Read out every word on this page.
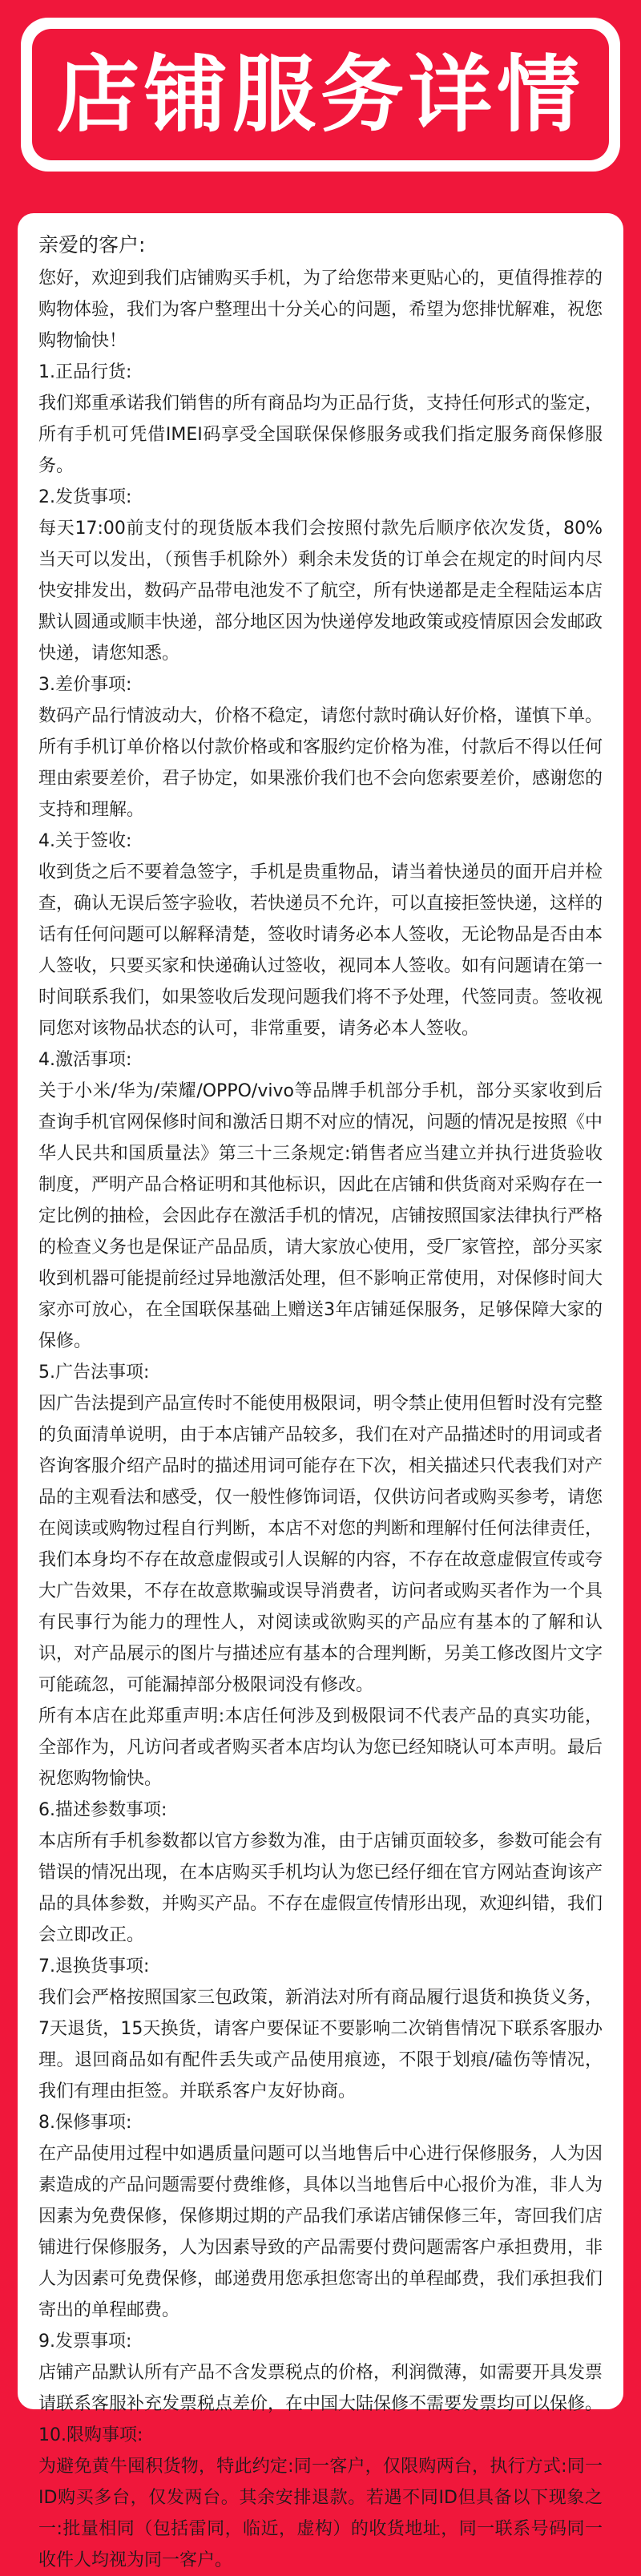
店铺服务详情

亲爱的客户:

您好，欢迎到我们店铺购买手机，为了给您带来更贴心的，更值得推荐的购物体验，我们为客户整理出十分关心的问题，希望为您排忧解难，祝您购物愉快！

1.正品行货:

我们郑重承诺我们销售的所有商品均为正品行货，支持任何形式的鉴定，所有手机可凭借IMEI码享受全国联保保修服务或我们指定服务商保修服务。

2.发货事项:

每天17:00前支付的现货版本我们会按照付款先后顺序依次发货，80%当天可以发出，（预售手机除外）剩余未发货的订单会在规定的时间内尽快安排发出，数码产品带电池发不了航空，所有快递都是走全程陆运本店默认圆通或顺丰快递，部分地区因为快递停发地政策或疫情原因会发邮政快递，请您知悉。

3.差价事项:

数码产品行情波动大，价格不稳定，请您付款时确认好价格，谨慎下单。所有手机订单价格以付款价格或和客服约定价格为准，付款后不得以任何理由索要差价，君子协定，如果涨价我们也不会向您索要差价，感谢您的支持和理解。

4.关于签收:

收到货之后不要着急签字，手机是贵重物品，请当着快递员的面开启并检查，确认无误后签字验收，若快递员不允许，可以直接拒签快递，这样的话有任何问题可以解释清楚，签收时请务必本人签收，无论物品是否由本人签收，只要买家和快递确认过签收，视同本人签收。如有问题请在第一时间联系我们，如果签收后发现问题我们将不予处理，代签同责。签收视同您对该物品状态的认可，非常重要，请务必本人签收。

4.激活事项:

关于小米/华为/荣耀/OPPO/vivo等品牌手机部分手机，部分买家收到后查询手机官网保修时间和激活日期不对应的情况，问题的情况是按照《中华人民共和国质量法》第三十三条规定:销售者应当建立并执行进货验收制度，严明产品合格证明和其他标识，因此在店铺和供货商对采购存在一定比例的抽检，会因此存在激活手机的情况，店铺按照国家法律执行严格的检查义务也是保证产品品质，请大家放心使用，受厂家管控，部分买家收到机器可能提前经过异地激活处理，但不影响正常使用，对保修时间大家亦可放心，在全国联保基础上赠送3年店铺延保服务，足够保障大家的保修。

5.广告法事项:

因广告法提到产品宣传时不能使用极限词，明令禁止使用但暂时没有完整的负面清单说明，由于本店铺产品较多，我们在对产品描述时的用词或者咨询客服介绍产品时的描述用词可能存在下次，相关描述只代表我们对产品的主观看法和感受，仅一般性修饰词语，仅供访问者或购买参考，请您在阅读或购物过程自行判断，本店不对您的判断和理解付任何法律责任，我们本身均不存在故意虚假或引人误解的内容，不存在故意虚假宣传或夸大广告效果，不存在故意欺骗或误导消费者，访问者或购买者作为一个具有民事行为能力的理性人，对阅读或欲购买的产品应有基本的了解和认识，对产品展示的图片与描述应有基本的合理判断，另美工修改图片文字可能疏忽，可能漏掉部分极限词没有修改。

所有本店在此郑重声明:本店任何涉及到极限词不代表产品的真实功能，全部作为，凡访问者或者购买者本店均认为您已经知晓认可本声明。最后祝您购物愉快。

6.描述参数事项:

本店所有手机参数都以官方参数为准，由于店铺页面较多，参数可能会有错误的情况出现，在本店购买手机均认为您已经仔细在官方网站查询该产品的具体参数，并购买产品。不存在虚假宣传情形出现，欢迎纠错，我们会立即改正。

7.退换货事项:

我们会严格按照国家三包政策，新消法对所有商品履行退货和换货义务，7天退货，15天换货，请客户要保证不要影响二次销售情况下联系客服办理。退回商品如有配件丢失或产品使用痕迹，不限于划痕/磕伤等情况，我们有理由拒签。并联系客户友好协商。

8.保修事项:

在产品使用过程中如遇质量问题可以当地售后中心进行保修服务，人为因素造成的产品问题需要付费维修，具体以当地售后中心报价为准，非人为因素为免费保修，保修期过期的产品我们承诺店铺保修三年，寄回我们店铺进行保修服务，人为因素导致的产品需要付费问题需客户承担费用，非人为因素可免费保修，邮递费用您承担您寄出的单程邮费，我们承担我们寄出的单程邮费。

9.发票事项:

店铺产品默认所有产品不含发票税点的价格，利润微薄，如需要开具发票请联系客服补充发票税点差价，在中国大陆保修不需要发票均可以保修。

10.限购事项:

为避免黄牛囤积货物，特此约定:同一客户，仅限购两台，执行方式:同一ID购买多台，仅发两台。其余安排退款。若遇不同ID但具备以下现象之一:批量相同（包括雷同，临近，虚构）的收货地址，同一联系号码同一收件人均视为同一客户。
